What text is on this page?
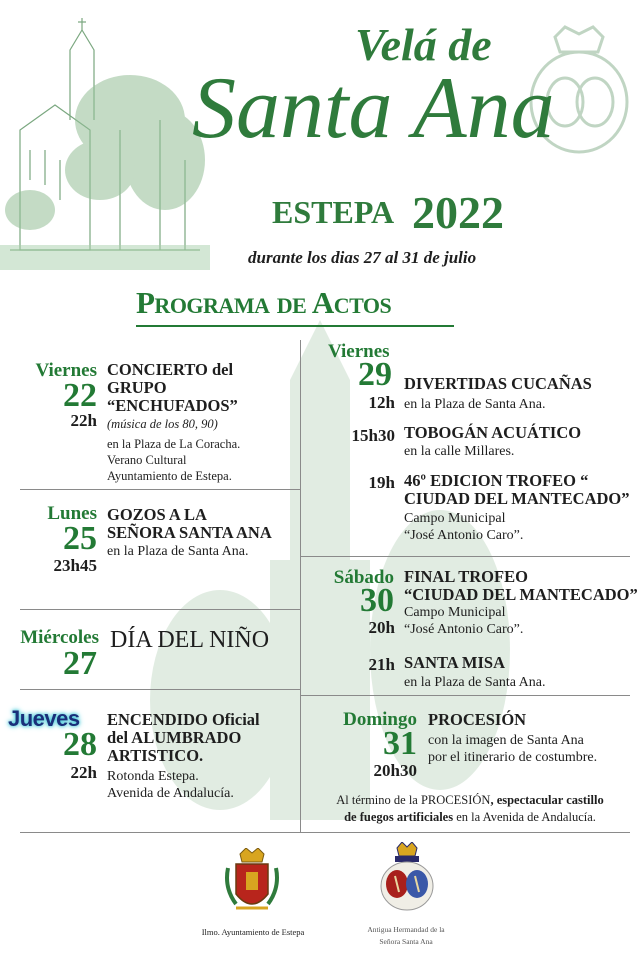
Velá de
Santa Ana
ESTEPA 2022
durante los dias 27 al 31 de julio
Programa de Actos
Viernes
22
22h
CONCIERTO del
GRUPO
“ENCHUFADOS”
(música de los 80, 90)
en la Plaza de La Coracha.
Verano Cultural
Ayuntamiento de Estepa.
Lunes
25
23h45
GOZOS A LA
SEÑORA SANTA ANA
en la Plaza de Santa Ana.
Miércoles
27
DÍA DEL NIÑO
Jueves
28
22h
ENCENDIDO Oficial
del ALUMBRADO
ARTISTICO.
Rotonda Estepa.
Avenida de Andalucía.
Viernes
29
12h
DIVERTIDAS CUCAÑAS
en la Plaza de Santa Ana.
15h30 TOBOGÁN ACUÁTICO
en la calle Millares.
19h 46º EDICION TROFEO “
CIUDAD DEL MANTECADO”
Campo Municipal
“José Antonio Caro”.
Sábado
30
FINAL TROFEO
“CIUDAD DEL MANTECADO”
20h
Campo Municipal
“José Antonio Caro”.
21h SANTA MISA
en la Plaza de Santa Ana.
Domingo
31
20h30
PROCESIÓN
con la imagen de Santa Ana
por el itinerario de costumbre.
Al término de la PROCESIÓN, espectacular castillo
de fuegos artificiales en la Avenida de Andalucía.
Ilmo. Ayuntamiento de Estepa	Antigua Hermandad de la
Señora Santa Ana
